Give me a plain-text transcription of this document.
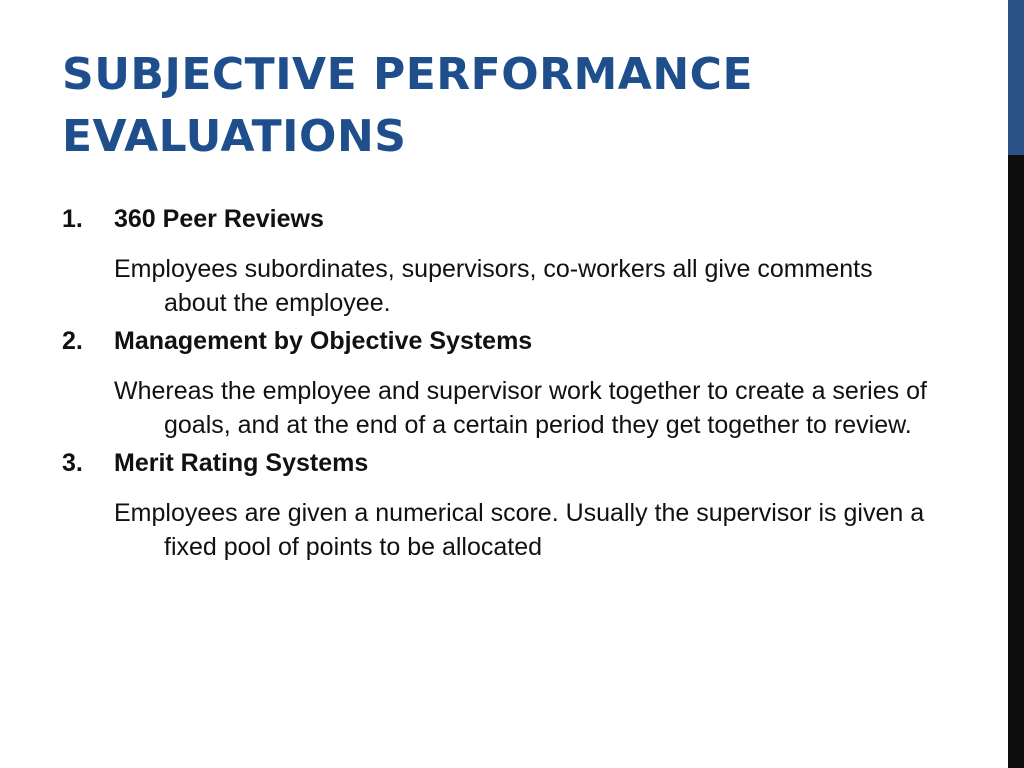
SUBJECTIVE PERFORMANCE
EVALUATIONS
1.	360 Peer Reviews
Employees subordinates, supervisors, co-workers all give comments about the employee.
2.	Management by Objective Systems
Whereas the employee and supervisor work together to create a series of goals, and at the end of a certain period they get together to review.
3.	Merit Rating Systems
Employees are given a numerical score. Usually the supervisor is given a fixed pool of points to be allocated
